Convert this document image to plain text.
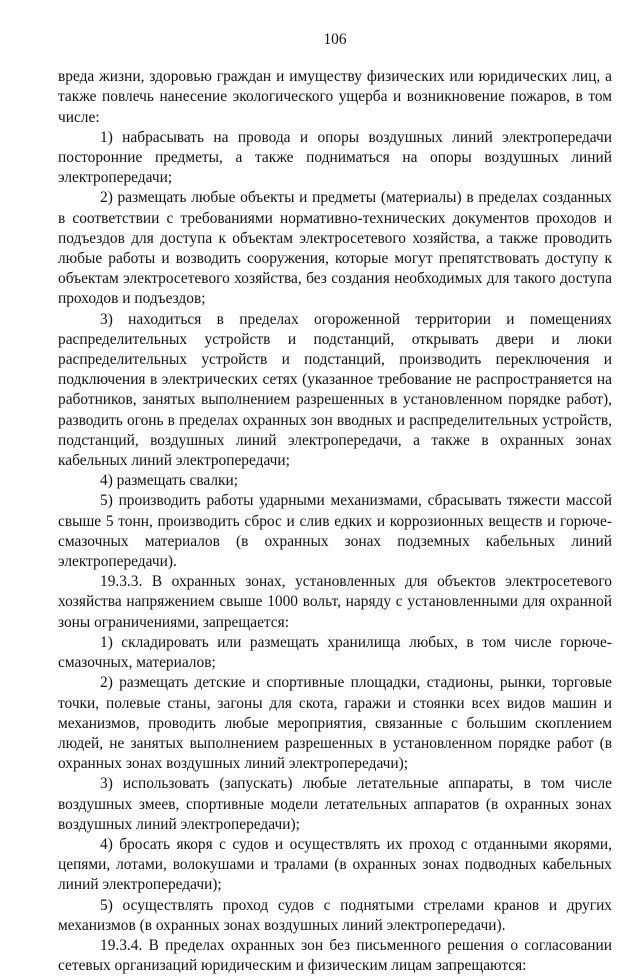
106

вреда жизни, здоровью граждан и имуществу физических или юридических лиц, а также повлечь нанесение экологического ущерба и возникновение пожаров, в том числе:

1) набрасывать на провода и опоры воздушных линий электропередачи посторонние предметы, а также подниматься на опоры воздушных линий электропередачи;

2) размещать любые объекты и предметы (материалы) в пределах созданных в соответствии с требованиями нормативно-технических документов проходов и подъездов для доступа к объектам электросетевого хозяйства, а также проводить любые работы и возводить сооружения, которые могут препятствовать доступу к объектам электросетевого хозяйства, без создания необходимых для такого доступа проходов и подъездов;

3) находиться в пределах огороженной территории и помещениях распределительных устройств и подстанций, открывать двери и люки распределительных устройств и подстанций, производить переключения и подключения в электрических сетях (указанное требование не распространяется на работников, занятых выполнением разрешенных в установленном порядке работ), разводить огонь в пределах охранных зон вводных и распределительных устройств, подстанций, воздушных линий электропередачи, а также в охранных зонах кабельных линий электропередачи;

4) размещать свалки;

5) производить работы ударными механизмами, сбрасывать тяжести массой свыше 5 тонн, производить сброс и слив едких и коррозионных веществ и горюче-смазочных материалов (в охранных зонах подземных кабельных линий электропередачи).

19.3.3. В охранных зонах, установленных для объектов электросетевого хозяйства напряжением свыше 1000 вольт, наряду с установленными для охранной зоны ограничениями, запрещается:

1) складировать или размещать хранилища любых, в том числе горюче-смазочных, материалов;

2) размещать детские и спортивные площадки, стадионы, рынки, торговые точки, полевые станы, загоны для скота, гаражи и стоянки всех видов машин и механизмов, проводить любые мероприятия, связанные с большим скоплением людей, не занятых выполнением разрешенных в установленном порядке работ (в охранных зонах воздушных линий электропередачи);

3) использовать (запускать) любые летательные аппараты, в том числе воздушных змеев, спортивные модели летательных аппаратов (в охранных зонах воздушных линий электропередачи);

4) бросать якоря с судов и осуществлять их проход с отданными якорями, цепями, лотами, волокушами и тралами (в охранных зонах подводных кабельных линий электропередачи);

5) осуществлять проход судов с поднятыми стрелами кранов и других механизмов (в охранных зонах воздушных линий электропередачи).

19.3.4. В пределах охранных зон без письменного решения о согласовании сетевых организаций юридическим и физическим лицам запрещаются:
